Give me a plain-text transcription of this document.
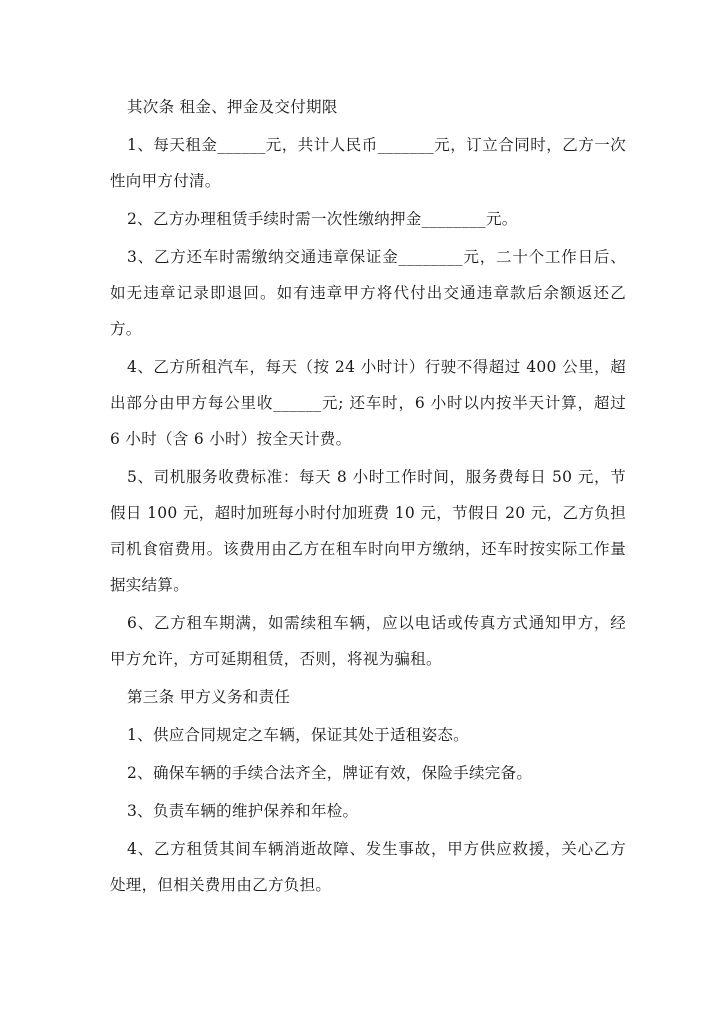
其次条 租金、押金及交付期限

1、每天租金______元，共计人民币_______元，订立合同时，乙方一次性向甲方付清。

2、乙方办理租赁手续时需一次性缴纳押金________元。

3、乙方还车时需缴纳交通违章保证金________元，二十个工作日后、如无违章记录即退回。如有违章甲方将代付出交通违章款后余额返还乙方。

4、乙方所租汽车，每天（按 24 小时计）行驶不得超过 400 公里，超出部分由甲方每公里收______元; 还车时，6 小时以内按半天计算，超过 6 小时（含 6 小时）按全天计费。

5、司机服务收费标准：每天 8 小时工作时间，服务费每日 50 元，节假日 100 元，超时加班每小时付加班费 10 元，节假日 20 元，乙方负担司机食宿费用。该费用由乙方在租车时向甲方缴纳，还车时按实际工作量据实结算。

6、乙方租车期满，如需续租车辆，应以电话或传真方式通知甲方，经甲方允许，方可延期租赁，否则，将视为骗租。

第三条 甲方义务和责任

1、供应合同规定之车辆，保证其处于适租姿态。

2、确保车辆的手续合法齐全，牌证有效，保险手续完备。

3、负责车辆的维护保养和年检。

4、乙方租赁其间车辆消逝故障、发生事故，甲方供应救援，关心乙方处理，但相关费用由乙方负担。
